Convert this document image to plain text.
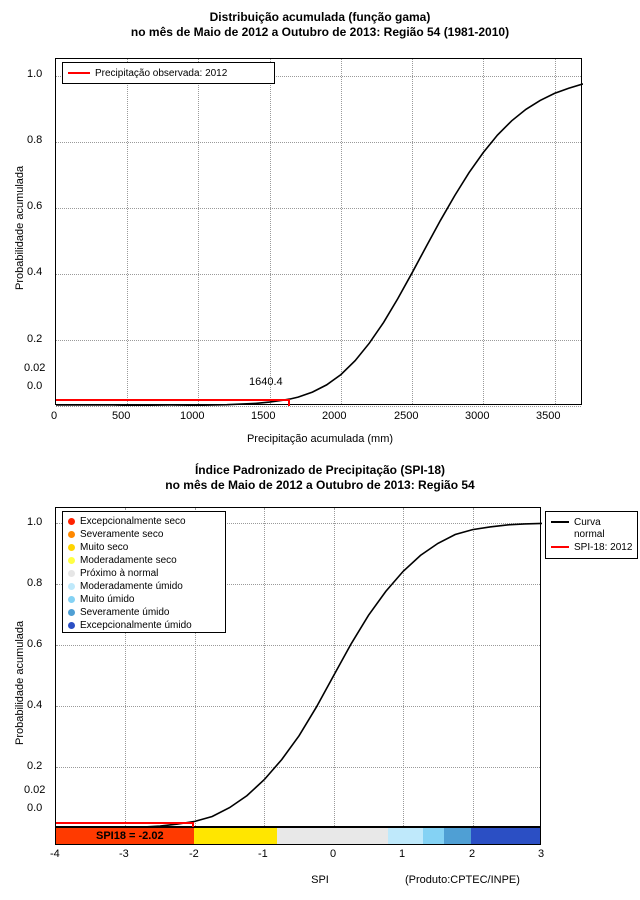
Distribuição acumulada (função gama)
no mês de Maio de 2012 a Outubro de 2013: Região 54 (1981-2010)
Probabilidade acumulada
Precipitação observada: 2012
1.0
0.8
0.6
0.4
0.2
0.0
0.02
0	500	1000	1500	2000	2500	3000	3500
1640.4
Precipitação acumulada (mm)
Índice Padronizado de Precipitação (SPI-18)
no mês de Maio de 2012 a Outubro de 2013: Região 54
Probabilidade acumulada
Excepcionalmente seco
Severamente seco
Muito seco
Moderadamente seco
Próximo à normal
Moderadamente úmido
Muito úmido
Severamente úmido
Excepcionalmente úmido
Curva
normal
SPI-18: 2012
1.0
0.8
0.6
0.4
0.2
0.0
0.02
SPI18 = -2.02
-4	-3	-2	-1	0	1	2	3
SPI	(Produto:CPTEC/INPE)
